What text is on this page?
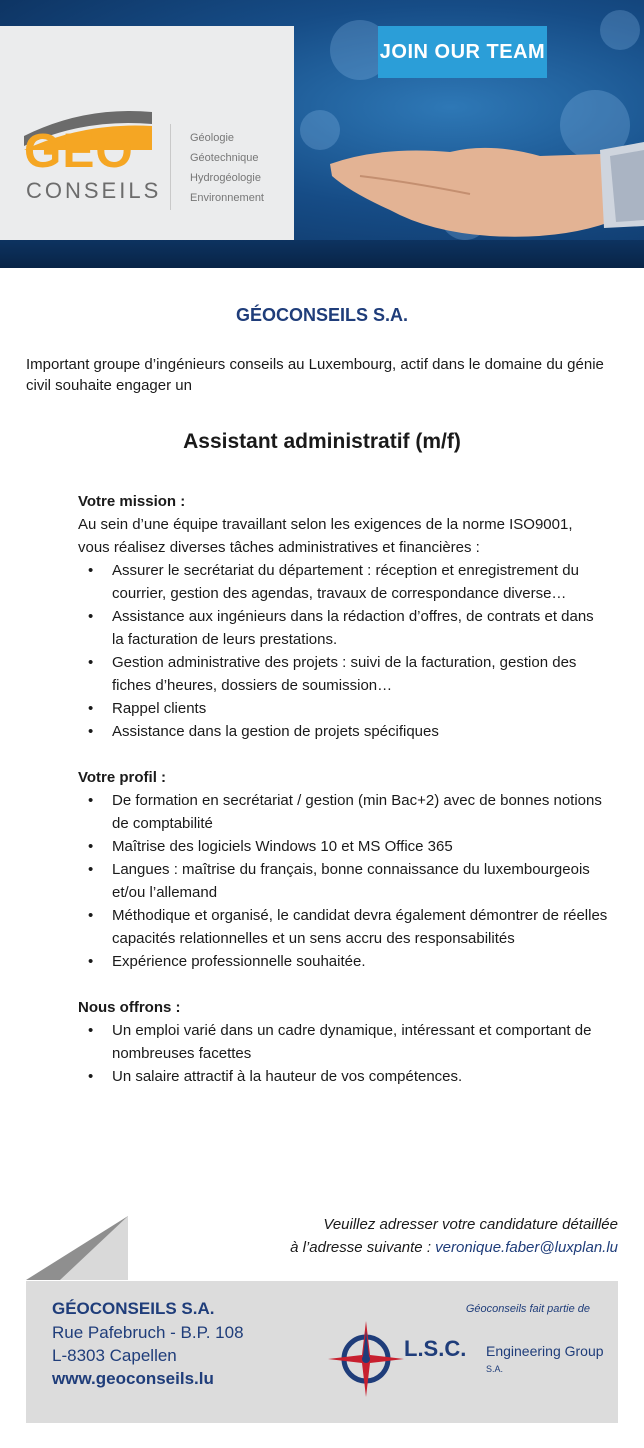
GEO
CONSEILS
Géologie
Géotechnique
Hydrogéologie
Environnement
JOIN OUR TEAM
GÉOCONSEILS S.A.
Important groupe d’ingénieurs conseils au Luxembourg, actif dans le domaine du génie civil souhaite engager un
Assistant administratif (m/f)
Votre mission :

Au sein d’une équipe travaillant selon les exigences de la norme ISO9001, vous réalisez diverses tâches administratives et financières :

• Assurer le secrétariat du département : réception et enregistrement du courrier, gestion des agendas, travaux de correspondance diverse…
• Assistance aux ingénieurs dans la rédaction d’offres, de contrats et dans la facturation de leurs prestations.
• Gestion administrative des projets : suivi de la facturation, gestion des fiches d’heures, dossiers de soumission…
• Rappel clients
• Assistance dans la gestion de projets spécifiques
Votre profil :
• De formation en secrétariat / gestion (min Bac+2) avec de bonnes notions de comptabilité
• Maîtrise des logiciels Windows 10 et MS Office 365
• Langues : maîtrise du français, bonne connaissance du luxembourgeois et/ou l’allemand
• Méthodique et organisé, le candidat devra également démontrer de réelles capacités relationnelles et un sens accru des responsabilités
• Expérience professionnelle souhaitée.
Nous offrons :
• Un emploi varié dans un cadre dynamique, intéressant et comportant de nombreuses facettes
• Un salaire attractif à la hauteur de vos compétences.
Veuillez adresser votre candidature détaillée
à l’adresse suivante : veronique.faber@luxplan.lu
GÉOCONSEILS S.A.
Rue Pafebruch - B.P. 108
L-8303 Capellen
www.geoconseils.lu
Géoconseils fait partie de
L.S.C. Engineering Group S.A.
